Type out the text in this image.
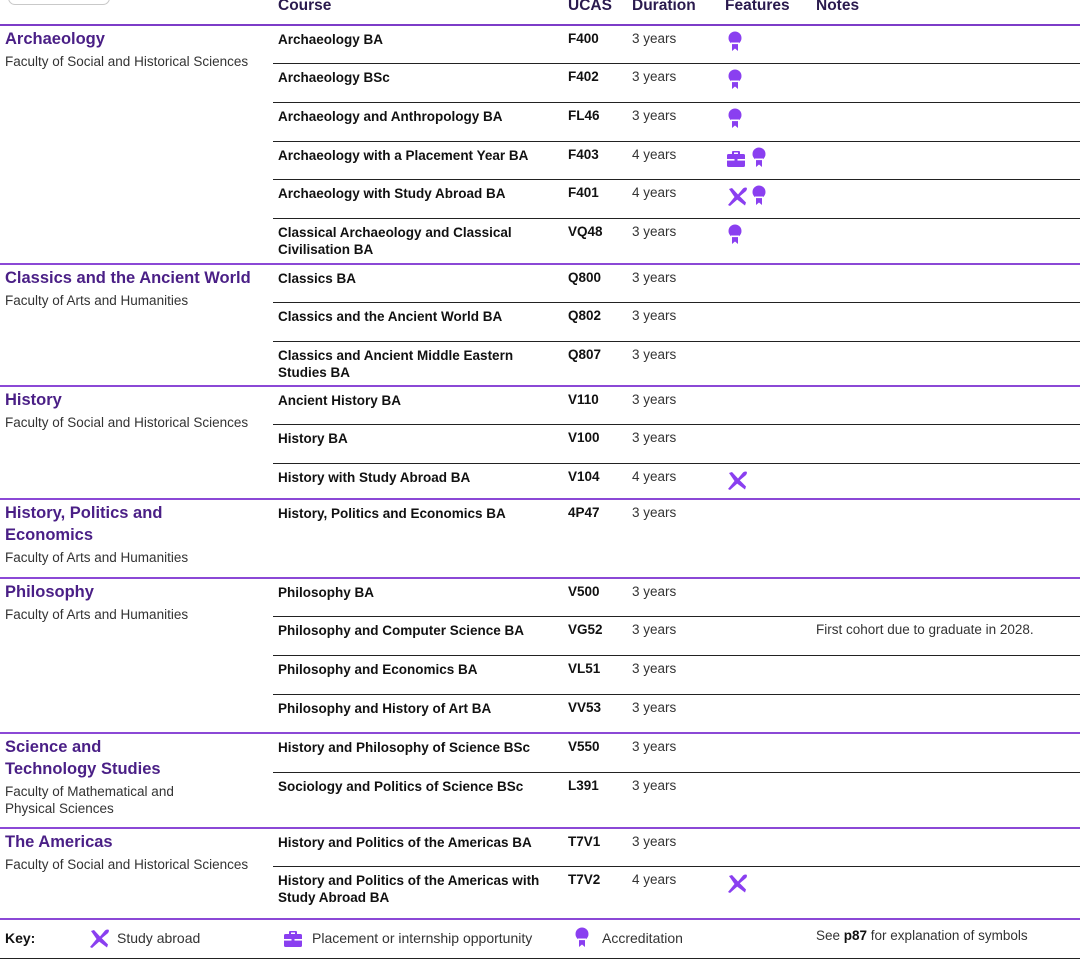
Course	UCAS Duration Features Notes
Archaeology
Faculty of Social and Historical Sciences
Archaeology BA	F400 3 years
Archaeology BSc	F402 3 years
Archaeology and Anthropology BA	FL46 3 years
Archaeology with a Placement Year BA	F403 4 years
Archaeology with Study Abroad BA	F401 4 years
Classical Archaeology and Classical Civilisation BA
VQ48 3 years
Classics and the Ancient World
Faculty of Arts and Humanities
Classics BA	Q800 3 years
Classics and the Ancient World BA	Q802 3 years
Classics and Ancient Middle Eastern Studies BA
Q807 3 years
History
Faculty of Social and Historical Sciences
Ancient History BA	V110 3 years
History BA	V100 3 years
History with Study Abroad BA	V104 4 years
History, Politics and Economics
Faculty of Arts and Humanities
History, Politics and Economics BA	4P47 3 years
Philosophy
Faculty of Arts and Humanities
Philosophy BA	V500 3 years
Philosophy and Computer Science BA	VG52 3 years	First cohort due to graduate in 2028.
Philosophy and Economics BA	VL51 3 years
Philosophy and History of Art BA	VV53 3 years
Science and Technology Studies
Faculty of Mathematical and Physical Sciences
History and Philosophy of Science BSc	V550 3 years
Sociology and Politics of Science BSc	L391 3 years
The Americas
Faculty of Social and Historical Sciences
History and Politics of the Americas BA	T7V1 3 years
History and Politics of the Americas with Study Abroad BA
T7V2 4 years
Key:	Study abroad	Placement or internship opportunity	Accreditation	See p87 for explanation of symbols
